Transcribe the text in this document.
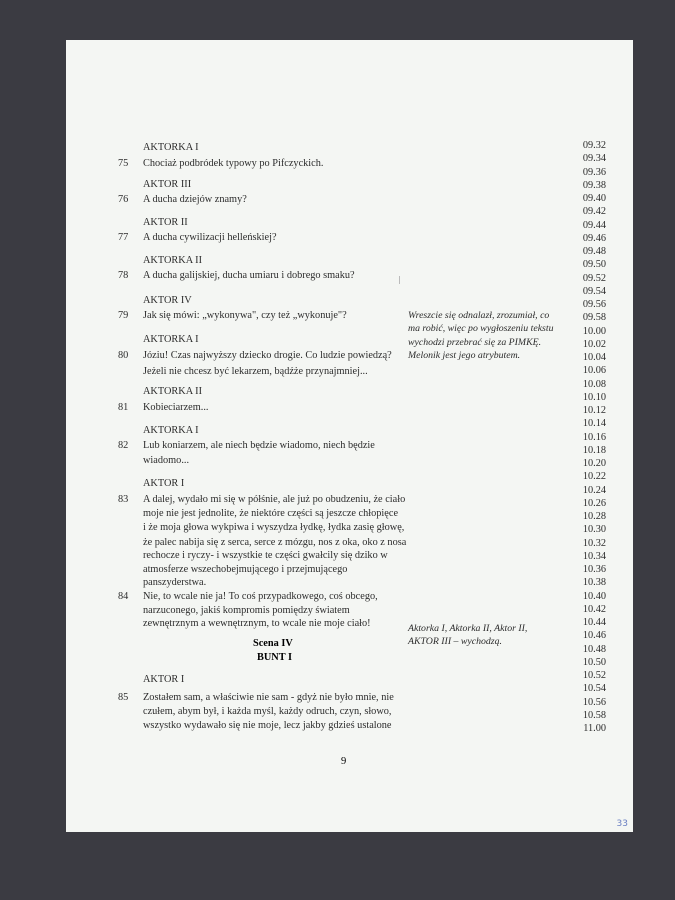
AKTORKA I
75 Chociaż podbródek typowy po Pifczyckich.
AKTOR III
76 A ducha dziejów znamy?
AKTOR II
77 A ducha cywilizacji helleńskiej?
AKTORKA II
78 A ducha galijskiej, ducha umiaru i dobrego smaku?
AKTOR IV
79 Jak się mówi: „wykonywa", czy też „wykonuje"?
AKTORKA I
80 Józiu! Czas najwyższy dziecko drogie. Co ludzie powiedzą?
Jeżeli nie chcesz być lekarzem, bądźże przynajmniej...
AKTORKA II
81 Kobieciarzem...
AKTORKA I
82 Lub koniarzem, ale niech będzie wiadomo, niech będzie
wiadomo...
AKTOR I
83 A dalej, wydało mi się w półśnie, ale już po obudzeniu, że ciało
moje nie jest jednolite, że niektóre części są jeszcze chłopięce
i że moja głowa wykpiwa i wyszydza łydkę, łydka zasię głowę,
że palec nabija się z serca, serce z mózgu, nos z oka, oko z nosa
rechocze i ryczy- i wszystkie te części gwałcily się dziko w
atmosferze wszechobejmującego i przejmującego
panszyderstwa.
84 Nie, to wcale nie ja! To coś przypadkowego, coś obcego,
narzuconego, jakiś kompromis pomiędzy światem
zewnętrznym a wewnętrznym, to wcale nie moje ciało!
Scena IV
BUNT I
AKTOR I
85 Zostałem sam, a właściwie nie sam - gdyż nie było mnie, nie
czułem, abym był, i każda myśl, każdy odruch, czyn, słowo,
wszystko wydawało się nie moje, lecz jakby gdzieś ustalone
Wreszcie się odnalazł, zrozumiał, co
ma robić, więc po wygłoszeniu tekstu
wychodzi przebrać się za PIMKĘ.
Melonik jest jego atrybutem.
Aktorka I, Aktorka II, Aktor II,
AKTOR III – wychodzą.
09.32
09.34
09.36
09.38
09.40
09.42
09.44
09.46
09.48
09.50
09.52
09.54
09.56
09.58
10.00
10.02
10.04
10.06
10.08
10.10
10.12
10.14
10.16
10.18
10.20
10.22
10.24
10.26
10.28
10.30
10.32
10.34
10.36
10.38
10.40
10.42
10.44
10.46
10.48
10.50
10.52
10.54
10.56
10.58
11.00
9
33
